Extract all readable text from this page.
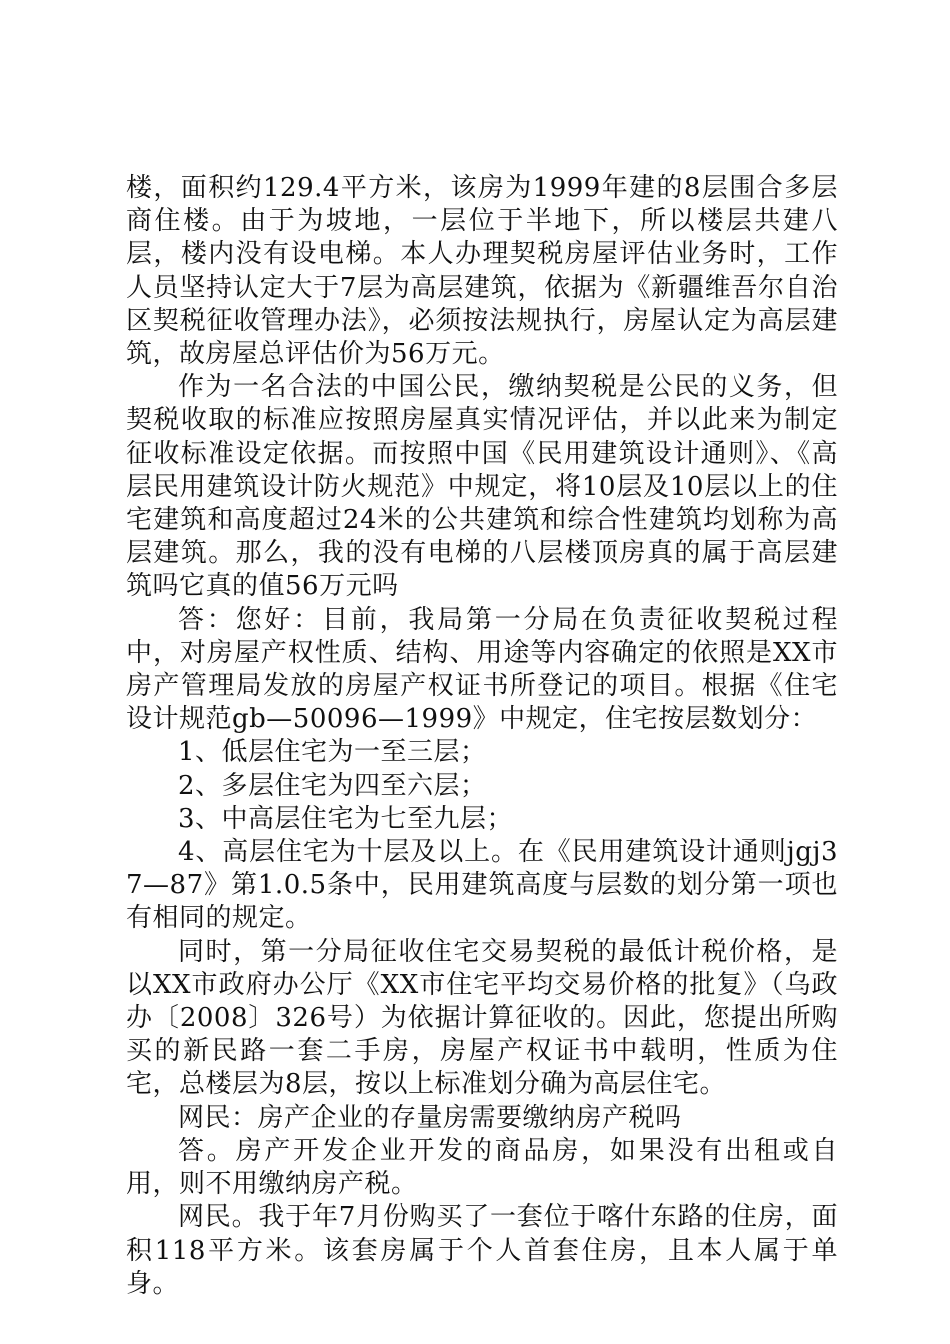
楼，面积约129.4平方米，该房为1999年建的8层围合多层商住楼。由于为坡地，一层位于半地下，所以楼层共建八层，楼内没有设电梯。本人办理契税房屋评估业务时，工作人员坚持认定大于7层为高层建筑，依据为《新疆维吾尔自治区契税征收管理办法》，必须按法规执行，房屋认定为高层建筑，故房屋总评估价为56万元。

作为一名合法的中国公民，缴纳契税是公民的义务，但契税收取的标准应按照房屋真实情况评估，并以此来为制定征收标准设定依据。而按照中国《民用建筑设计通则》、《高层民用建筑设计防火规范》中规定，将10层及10层以上的住宅建筑和高度超过24米的公共建筑和综合性建筑均划称为高层建筑。那么，我的没有电梯的八层楼顶房真的属于高层建筑吗它真的值56万元吗

答：您好：目前，我局第一分局在负责征收契税过程中，对房屋产权性质、结构、用途等内容确定的依照是XX市房产管理局发放的房屋产权证书所登记的项目。根据《住宅设计规范gb—50096—1999》中规定，住宅按层数划分：

1、低层住宅为一至三层；

2、多层住宅为四至六层；

3、中高层住宅为七至九层；

4、高层住宅为十层及以上。在《民用建筑设计通则jgj37—87》第1.0.5条中，民用建筑高度与层数的划分第一项也有相同的规定。

同时，第一分局征收住宅交易契税的最低计税价格，是以XX市政府办公厅《XX市住宅平均交易价格的批复》（乌政办〔2008〕326号）为依据计算征收的。因此，您提出所购买的新民路一套二手房，房屋产权证书中载明，性质为住宅，总楼层为8层，按以上标准划分确为高层住宅。

网民：房产企业的存量房需要缴纳房产税吗

答。房产开发企业开发的商品房，如果没有出租或自用，则不用缴纳房产税。

网民。我于年7月份购买了一套位于喀什东路的住房，面积118平方米。该套房属于个人首套住房，且本人属于单身。
